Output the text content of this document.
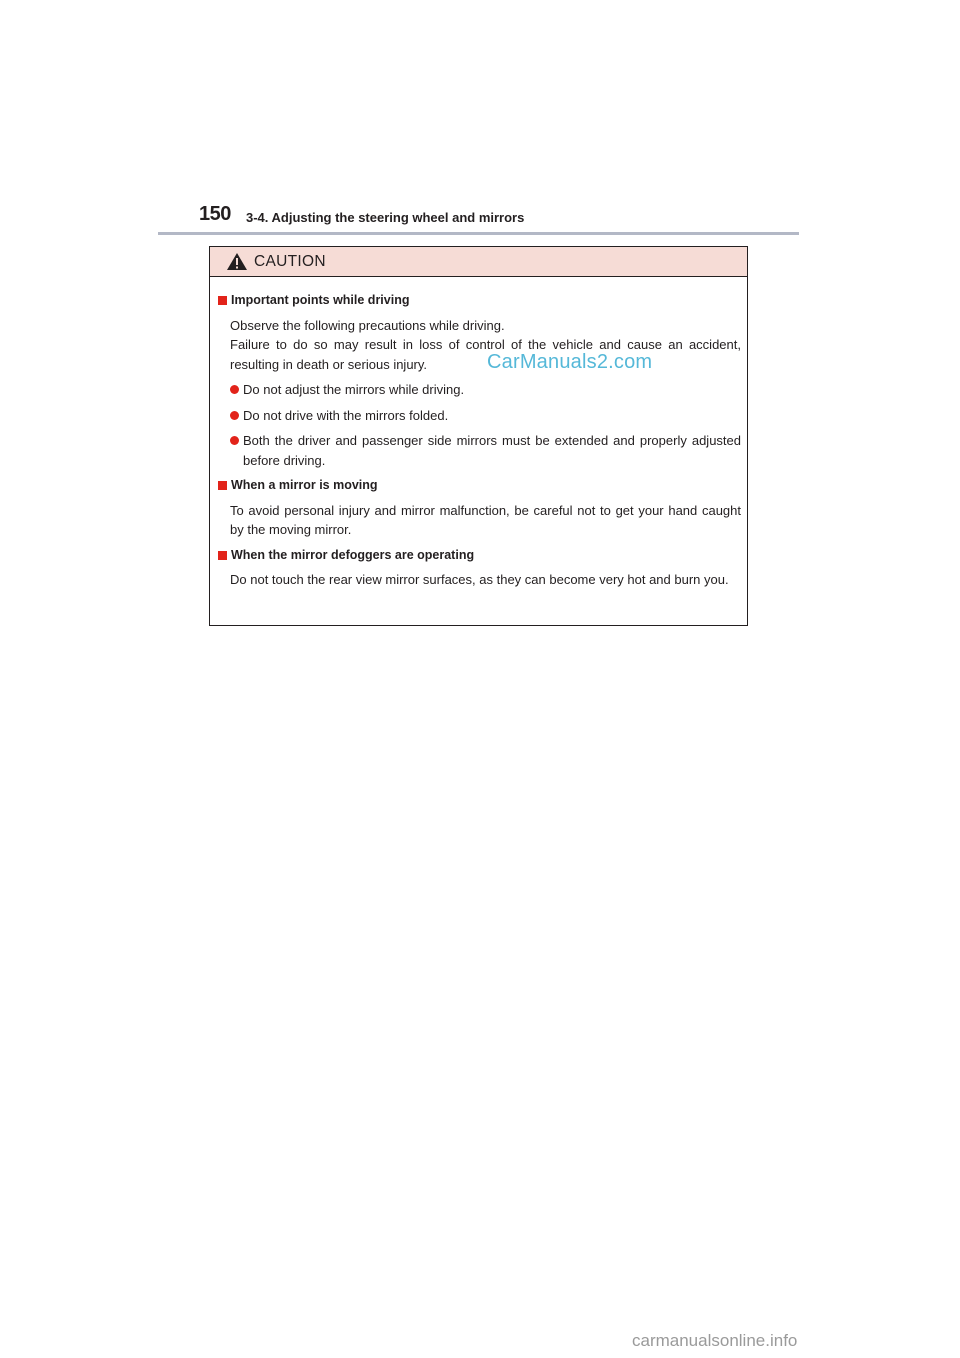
150 3-4. Adjusting the steering wheel and mirrors
CAUTION
Important points while driving
Observe the following precautions while driving.
Failure to do so may result in loss of control of the vehicle and cause an accident, resulting in death or serious injury.
Do not adjust the mirrors while driving.
Do not drive with the mirrors folded.
Both the driver and passenger side mirrors must be extended and properly adjusted before driving.
When a mirror is moving
To avoid personal injury and mirror malfunction, be careful not to get your hand caught by the moving mirror.
When the mirror defoggers are operating
Do not touch the rear view mirror surfaces, as they can become very hot and burn you.
CarManuals2.com
carmanualsonline.info
